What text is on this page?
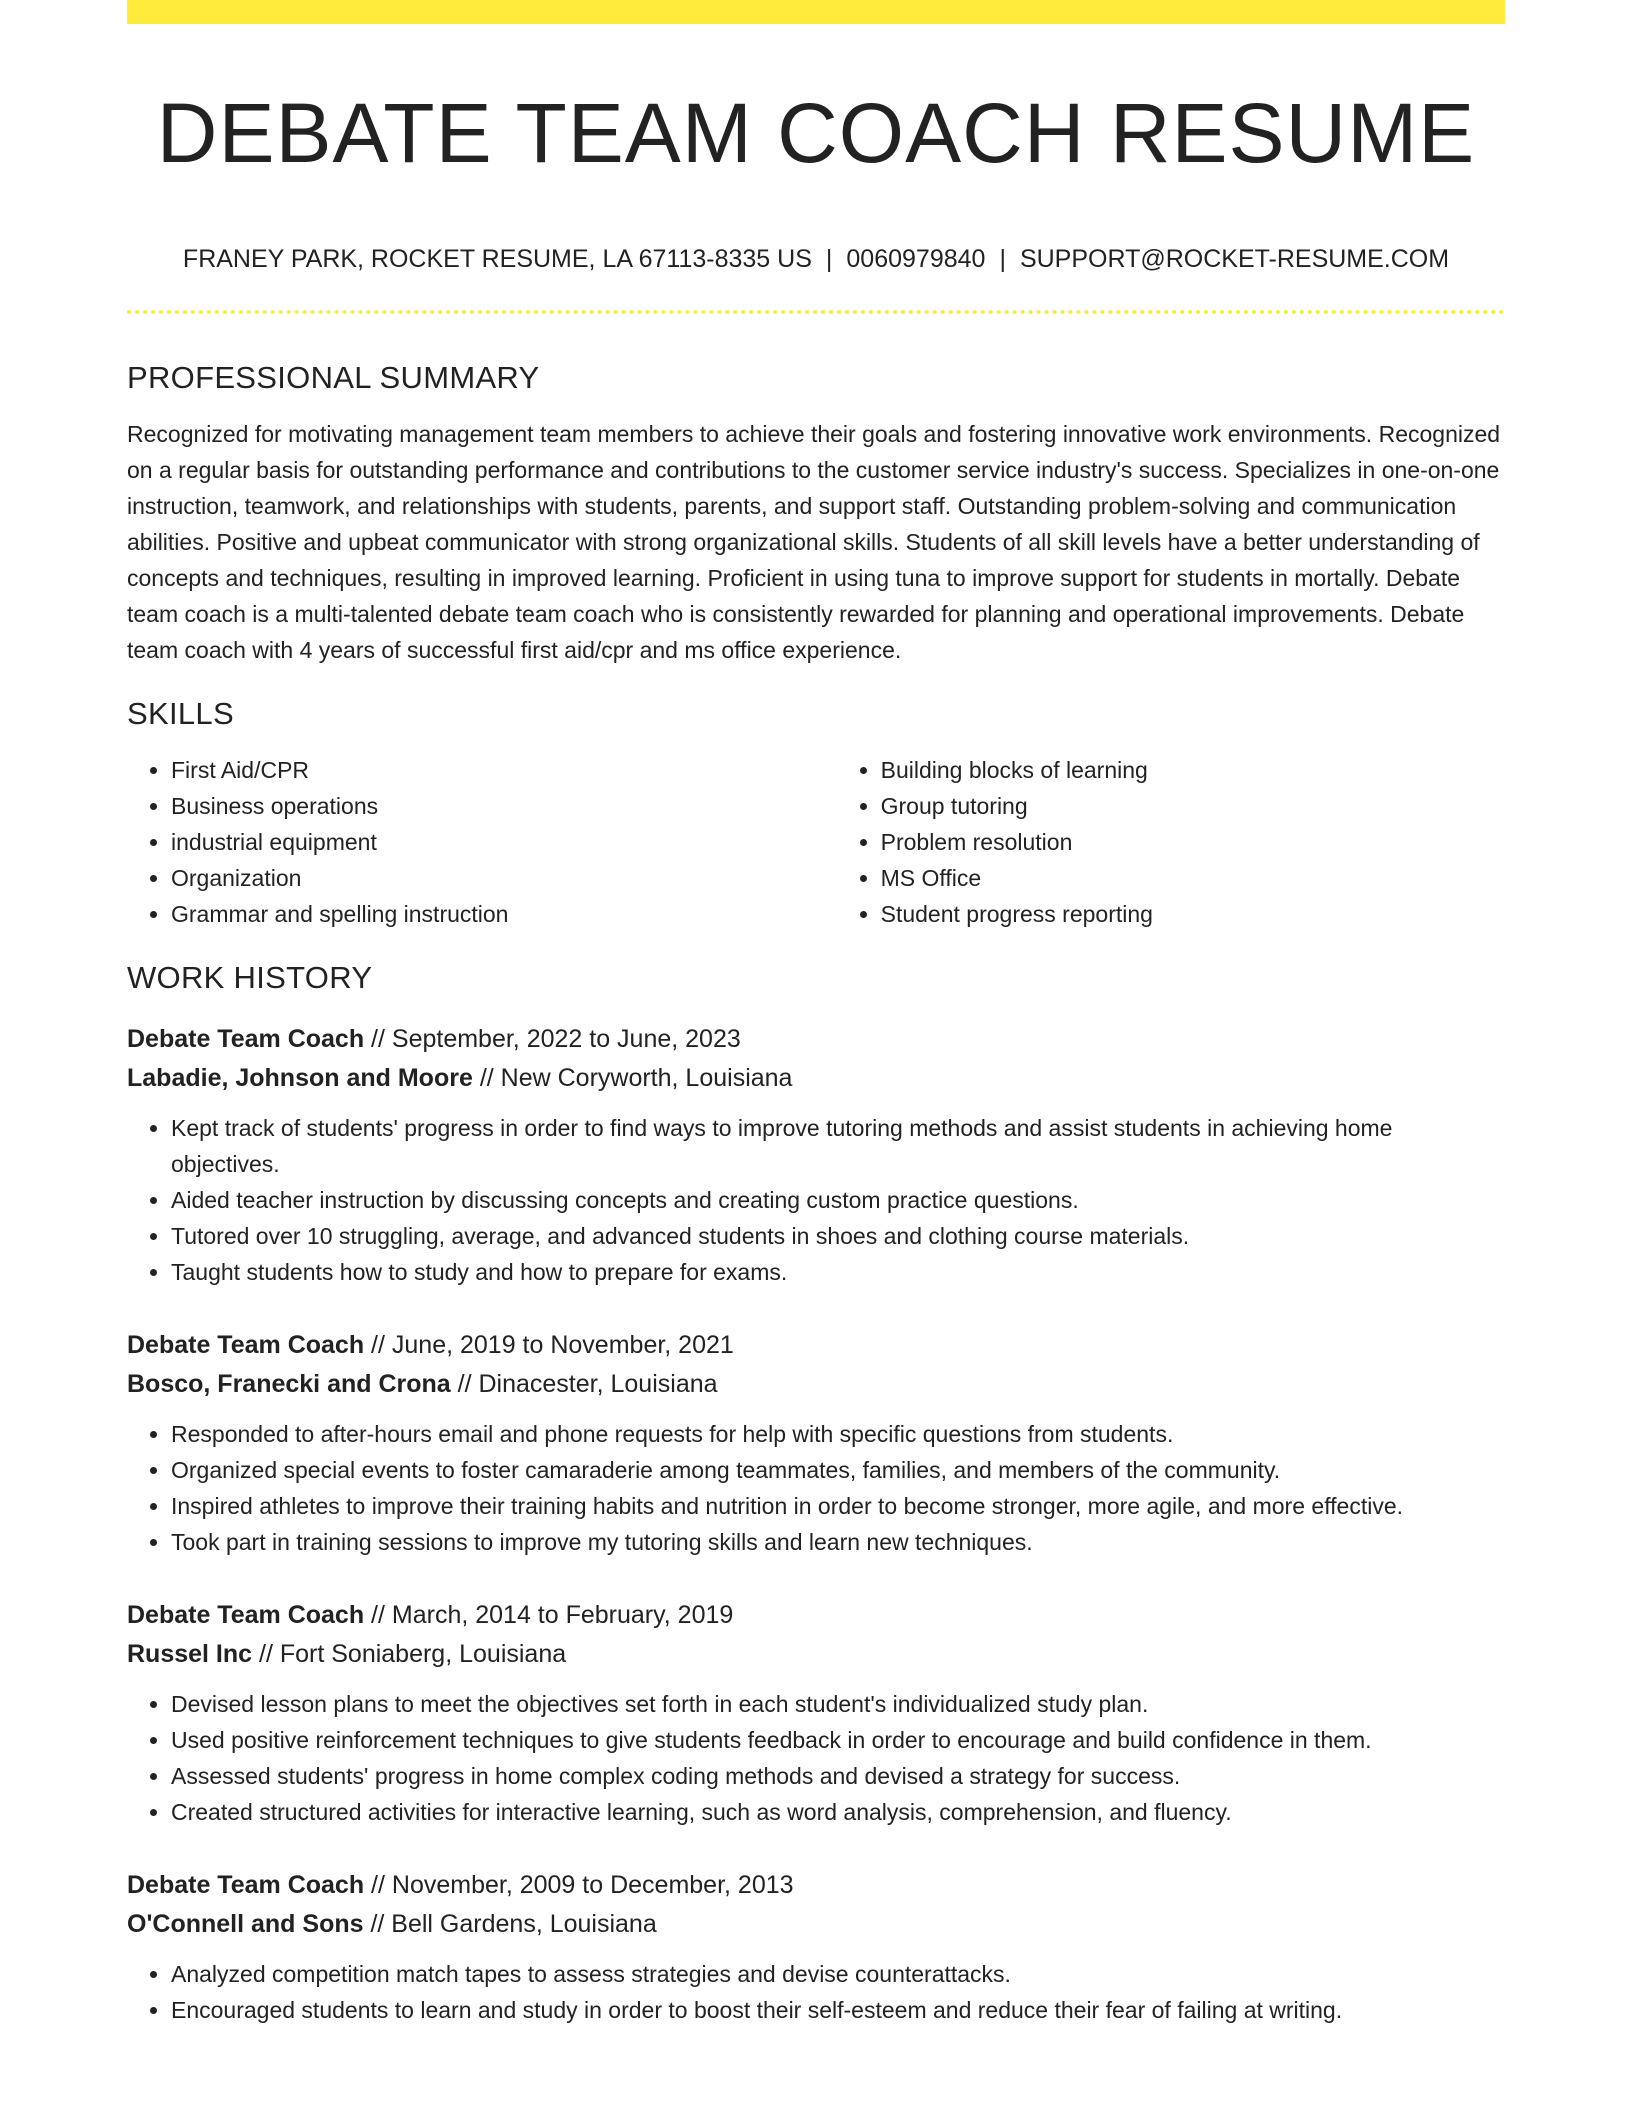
DEBATE TEAM COACH RESUME
FRANEY PARK, ROCKET RESUME, LA 67113-8335 US | 0060979840 | SUPPORT@ROCKET-RESUME.COM
PROFESSIONAL SUMMARY

Recognized for motivating management team members to achieve their goals and fostering innovative work environments. Recognized on a regular basis for outstanding performance and contributions to the customer service industry's success. Specializes in one-on-one instruction, teamwork, and relationships with students, parents, and support staff. Outstanding problem-solving and communication abilities. Positive and upbeat communicator with strong organizational skills. Students of all skill levels have a better understanding of concepts and techniques, resulting in improved learning. Proficient in using tuna to improve support for students in mortally. Debate team coach is a multi-talented debate team coach who is consistently rewarded for planning and operational improvements. Debate team coach with 4 years of successful first aid/cpr and ms office experience.

SKILLS
• First Aid/CPR
• Business operations
• industrial equipment
• Organization
• Grammar and spelling instruction
• Building blocks of learning
• Group tutoring
• Problem resolution
• MS Office
• Student progress reporting
WORK HISTORY
Debate Team Coach // September, 2022 to June, 2023
Labadie, Johnson and Moore // New Coryworth, Louisiana
• Kept track of students' progress in order to find ways to improve tutoring methods and assist students in achieving home objectives.
• Aided teacher instruction by discussing concepts and creating custom practice questions.
• Tutored over 10 struggling, average, and advanced students in shoes and clothing course materials.
• Taught students how to study and how to prepare for exams.
Debate Team Coach // June, 2019 to November, 2021
Bosco, Franecki and Crona // Dinacester, Louisiana
• Responded to after-hours email and phone requests for help with specific questions from students.
• Organized special events to foster camaraderie among teammates, families, and members of the community.
• Inspired athletes to improve their training habits and nutrition in order to become stronger, more agile, and more effective.
• Took part in training sessions to improve my tutoring skills and learn new techniques.
Debate Team Coach // March, 2014 to February, 2019
Russel Inc // Fort Soniaberg, Louisiana
• Devised lesson plans to meet the objectives set forth in each student's individualized study plan.
• Used positive reinforcement techniques to give students feedback in order to encourage and build confidence in them.
• Assessed students' progress in home complex coding methods and devised a strategy for success.
• Created structured activities for interactive learning, such as word analysis, comprehension, and fluency.
Debate Team Coach // November, 2009 to December, 2013
O'Connell and Sons // Bell Gardens, Louisiana
• Analyzed competition match tapes to assess strategies and devise counterattacks.
• Encouraged students to learn and study in order to boost their self-esteem and reduce their fear of failing at writing.
